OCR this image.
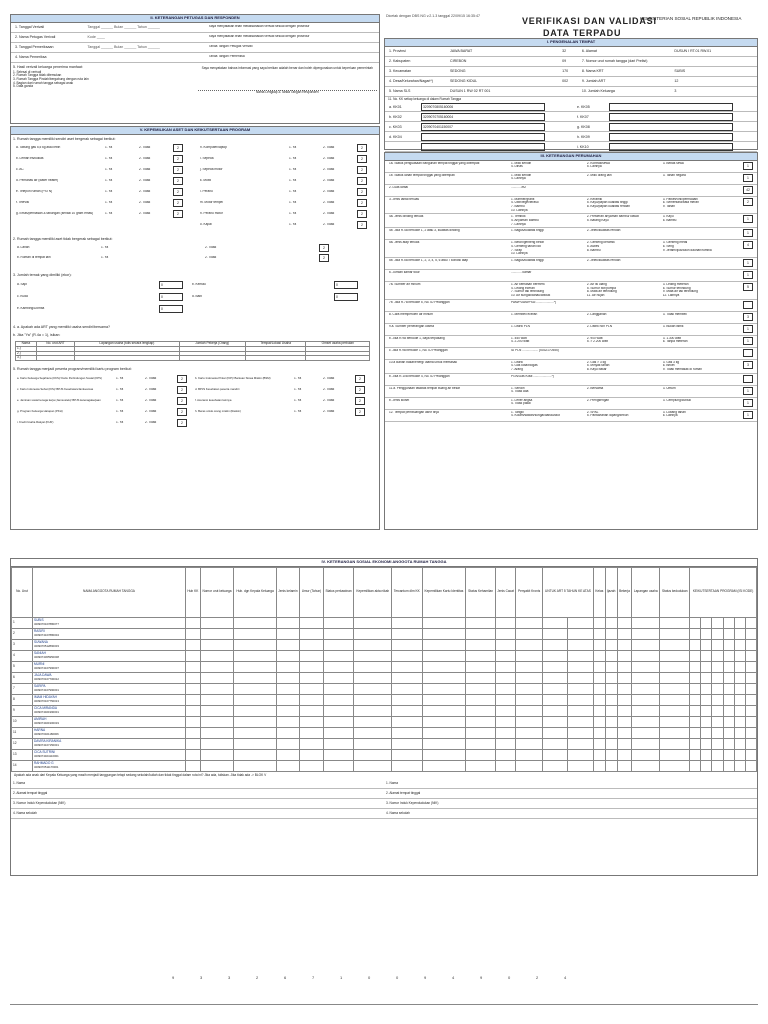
Dicetak dengan DBS NG v.2.1.3 tanggal 22/09/15 16:35:47	VERIFIKASI DAN VALIDASI
DATA TERPADU
KEMENTERIAN SOSIAL REPUBLIK INDONESIA
II. KETERANGAN PETUGAS DAN RESPONDEN
1. Tanggal Verivali	Tanggal ______ Bulan ______ Tahun ______	Saya menyatakan telah melaksanakan verivali sesuai dengan prosedur
2. Nama Petugas Verivali	Kode ____	Saya menyatakan telah melaksanakan verivali sesuai dengan prosedur
3. Tanggal Pemeriksaan	Tanggal ______ Bulan ______ Tahun ______	Tanda Tangan Petugas Verivali
4. Nama Pemeriksa	Tanda Tangan Pemeriksa
5. Hasil verivali keluarga penerima manfaat:
1. Selesai di verivali
2. Rumah Tangga tidak ditemukan
3. Rumah Tangga Pindah/bergabung dengan ruta lain
4. Bagian dari rumah tangga sebagai anak
5. Data ganda
Saya menyatakan bahwa informasi yang saya berikan adalah benar dan boleh dipergunakan untuk keperluan pemerintah
Nama Lengkap & Tanda Tangan Responden
I. PENGENALAN TEMPAT
1. Provinsi	JAWA BARAT	32	6. Alamat	DUSUN I RT.01 RW.01
2. Kabupaten	CIREBON	09	7. Nomor urut rumah tangga (dari Prelist)
3. Kecamatan	SEDONG	170	8. Nama KRT	SUBIS
4. Desa/Kelurahan/Nagari*)	SEDONG KIDUL	002	9. Jumlah ART	12
5. Nama SLS	DUSUN 1 RW 02 RT 001	10. Jumlah Keluarga	3
11. No. KK setiap keluarga di dalam Rumah Tangga
a. KK01	3209070805160006	e. KK05
b. KK02	3209070705160004	f. KK07
c. KK03	3209070401150007	g. KK08
d. KK04	h. KK09
i. KK10
V. KEPEMILIKAN ASET DAN KEIKUTSERTAAN PROGRAM
1. Rumah tangga memiliki sendiri aset bergerak sebagai berikut:
a. Tabung gas 5,5 kg atau lebih	1. Ya	2. Tidak	2
b. Lemari es/kulkas	1. Ya	2. Tidak	2
c. AC	1. Ya	2. Tidak	2
d. Pemanas air (water heater)	1. Ya	2. Tidak	2
e. Telepon rumah (PSTN)	1. Ya	2. Tidak	2
f. Televisi	1. Ya	2. Tidak	2
g. Emas/perhiasan & tabungan (senilai 10 gram emas)	1. Ya	2. Tidak	2
h. Komputer/laptop	1. Ya	2. Tidak	2
i. Sepeda	1. Ya	2. Tidak	2
j. Sepeda motor	1. Ya	2. Tidak	2
k. Mobil	1. Ya	2. Tidak	2
l. Perahu	1. Ya	2. Tidak	2
m. Motor tempel	1. Ya	2. Tidak	2
n. Perahu motor	1. Ya	2. Tidak	2
o. Kapal	1. Ya	2. Tidak	2
2. Rumah tangga memiliki aset tidak bergerak sebagai berikut:
a. Lahan	1. Ya	2. Tidak	2
b. Rumah di tempat lain	1. Ya	2. Tidak	2
3. Jumlah ternak yang dimiliki (ekor):
a. Sapi	0	b. Kerbau	0
c. Kuda	0	d. Babi	0
e. Kambing/Domba	0
4. a. Apakah ada ART yang memiliki usaha sendiri/bersama?
b. Jika "Ya" (R.4a = 1), isikan:
Nama	No. urut ART	Lapangan usaha (tulis secara lengkap)	Jumlah Pekerja (Orang)	Tempat/Lokasi Usaha	Omset usaha perbulan
1.)					
2.)					
3.)					
5. Rumah tangga menjadi peserta program/memiliki kartu program berikut:
a. Kartu Keluarga Sejahtera (KKS)/ Kartu Perlindungan Sosial (KPS)	1. Ya	2. Tidak	2	b. Kartu Indonesia Pintar (KIP)/ Bantuan Siswa Miskin (BSM)	1. Ya	2. Tidak	2
c. Kartu Indonesia Sehat (KIS)/ BPJS Kesehatan/Jamkesmas	1. Ya	2. Tidak	2	d. BPJS Kesehatan peserta mandiri	1. Ya	2. Tidak	2
e. Jaminan sosial tenaga kerja (Jamsostek)/ BPJS ketenagakerjaan	1. Ya	2. Tidak	2	f. Asuransi kesehatan lainnya	1. Ya	2. Tidak	2
g. Program Keluarga Harapan (PKH)	1. Ya	2. Tidak	2	h. Beras untuk orang miskin (Raskin)	1. Ya	2. Tidak	2
i. Kredit Usaha Rakyat (KUR)	1. Ya	2. Tidak	2
III. KETERANGAN PERUMAHAN
1a. Status penguasaan bangunan tempat tinggal yang ditempati	1. Milik sendiri	2. Kontrak/sewa	3. Bebas sewa
4. Dinas	5. Lainnya	1
1b. Status lahan tempat tinggal yang ditempati	1. Milik sendiri	2. Milik orang lain	3. Tanah negara
4. Lainnya	1
2. Luas lantai	............m2
42
3. Jenis lantai terluas	1. Marmer/granit	2. Keramik	3. Parket/vinil/permadani
4. Ubin/tegel/teraso	5. Kayu/papan kualitas tinggi	6. Sementara/bata merah
7. Bambu	8. Kayu/papan kualitas rendah	9. Tanah
10. Lainnya
2
4a. Jenis dinding terluas	1. Tembok	2. Plesteran anyaman bambu/ kawat	3. Kayu
4. Anyaman Bambu	5. Batang Kayu	6. Bambu
7. Lainnya
1
4b. Jika R.4a berkode 1, 2 atau 3, kualitas dinding	1. Bagus/kualitas tinggi	2. Jelek/kualitas rendah
1
5a. Jenis atap terluas	1. Beton/genteng beton	2. Genteng keramik	3. Genteng metal
4. Genteng tanah liat	5. Asbes	6. Seng
7. Sirap	8. Bambu	9. Jerami/ijuk/daun daunan/rumbia
10. Lainnya
4
5b. Jika R.5a berkode 1, 2, 3, 4, 5, 6 atau 7 kondisi atap	1. Bagus/kualitas tinggi	2. Jelek/kualitas rendah
1
6. Jumlah kamar tidur	............ kamar
1
7a. Sumber air minum	1. Air kemasan bermerk	2. Air isi ulang	3. Leding meteran
4. Leding eceran	5. Sumur bor/pompa	6. Sumur terlindung
7. Sumur tak terlindung	8. Mata air terlindung	9. Mata air tak terlindung
10. Air sungai/danau/waduk	11. Air hujan	12. Lainnya
5
7b. Jika R.7a berkode 5, No. ID Pelanggan	PAM/PDAM/PSU:....................*)
8. Cara memperoleh air minum	1. Membeli eceran	2. Langganan	3. Tidak membeli
3
9.a. Sumber penerangan utama	1. Listrik PLN	2. Listrik non PLN	3. Bukan listrik
1
b. Jika R.9a berkode 1, daya terpasang	1. 450 watt	2. 900 watt	3. 1.300 watt
4. 2.200 watt	5. > 2.200 watt	6. Tanpa meteran	1
c. Jika R.9a berkode 1, No. ID Pelanggan	ID PLN .................. (5032170555)
10.a Bahan bakar/energi utama untuk memasak	1. Listrik	2. Gas > 3 kg	3. Gas 3 kg
4. Gas kota/biogas	5. Minyak tanah	6. Briket
7. Arang	8. Kayu bakar	9. Tidak memasak di rumah
3
b. Jika R.10a berkode 4, No. ID Pelanggan	PGN/Gas Kota:.....................*)
11.a. Penggunaan fasilitas tempat buang air besar	1. Sendiri	2. Bersama	3. Umum
4. Tidak ada	1
b. Jenis kloset	1. Leher angsa	2. Plengsengan	3. Cemplung/cubluk
4. Tidak pakai	1
12. Tempat pembuangan akhir tinja	1. Tangki	2. SPAL	3. Lubang tanah
4. Kolam/sawah/sungai/danau/laut	5. Pantai/tanah lapang/kebun	6. Lainnya	1
IV. KETERANGAN SOSIAL EKONOMI ANGGOTA RUMAH TANGGA
No. Urut	NAMA ANGGOTA RUMAH TANGGA	Hub KK	Nomor urut keluarga	Hub. dgn Kepala Keluarga	Jenis kelamin	Umur (Tahun)	Status perkawinan	Kepemilikan akta nikah	Tercantum dlm KK	Kepemilikan Kartu Identitas	Status Kehamilan	Jenis Cacat	Penyakit Kronis	UNTUK ART 5 TAHUN KE ATAS		Kelas	Ijazah	Bekerja	Lapangan usaha	Status kedudukan	KEIKUTSERTAAN PROGRAM (ISI KODE)					
1	SUBIS
3209070107880077																									

2	RASIRI
3209074107880004																									

3	SUWANA
3209070512890003																									

4	SANIAH
3209074305950008																									

5	MURNI
3209074107990007																									

6	JAJA DAWA
3209070107700012																									

7	SARIPA
3209074107990001																									

8	IMAM HIDAYAH
3209070107750013																									

9	CICA MIRANDA
3209074401990001																									

10	AMIRAH
3209074401900019																									

11	HARNA
3209070401180006																									

12	DAVIRA KIRANIKA
3209074107150001																									

13	CICA SUTRINI
3209074404110001																									

14	RAHMADO G
3209070511170001																									

Apakah ada anak dari Kepala Keluarga yang masih menjadi tanggungan tetapi sedang sekolah/kuliah dan tidak tinggal dalam ruta ini? Jika ada, tuliskan. Jika tidak ada -> BLOK V
1. Nama
2. Alamat tempat tinggal
3. Nomor Induk Kependudukan (NIK)
4. Nama sekolah
1. Nama
2. Alamat tempat tinggal
3. Nomor Induk Kependudukan (NIK)
4. Nama sekolah
9	3	3	2	6	7	1	0	0	9	4	9	0	2	4
